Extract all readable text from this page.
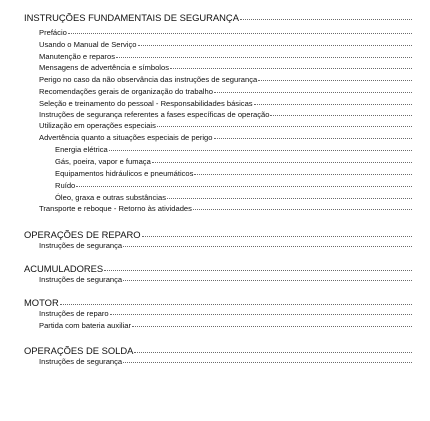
INSTRUÇÕES FUNDAMENTAIS DE SEGURANÇA
Prefácio
Usando o Manual de Serviço
Manutenção e reparos
Mensagens de advertência e símbolos
Perigo no caso da não observância das instruções de segurança
Recomendações gerais de organização do trabalho
Seleção e treinamento do pessoal - Responsabilidades básicas
Instruções de segurança referentes a fases específicas de operação
Utilização em operações especiais
Advertência quanto a situações especiais de perigo
Energia elétrica
Gás, poeira, vapor e fumaça
Equipamentos hidráulicos e pneumáticos
Ruído
Óleo, graxa e outras substâncias
Transporte e reboque - Retorno às atividades
OPERAÇÕES DE REPARO
Instruções de segurança
ACUMULADORES
Instruções de segurança
MOTOR
Instruções de reparo
Partida com bateria auxiliar
OPERAÇÕES DE SOLDA
Instruções de segurança
